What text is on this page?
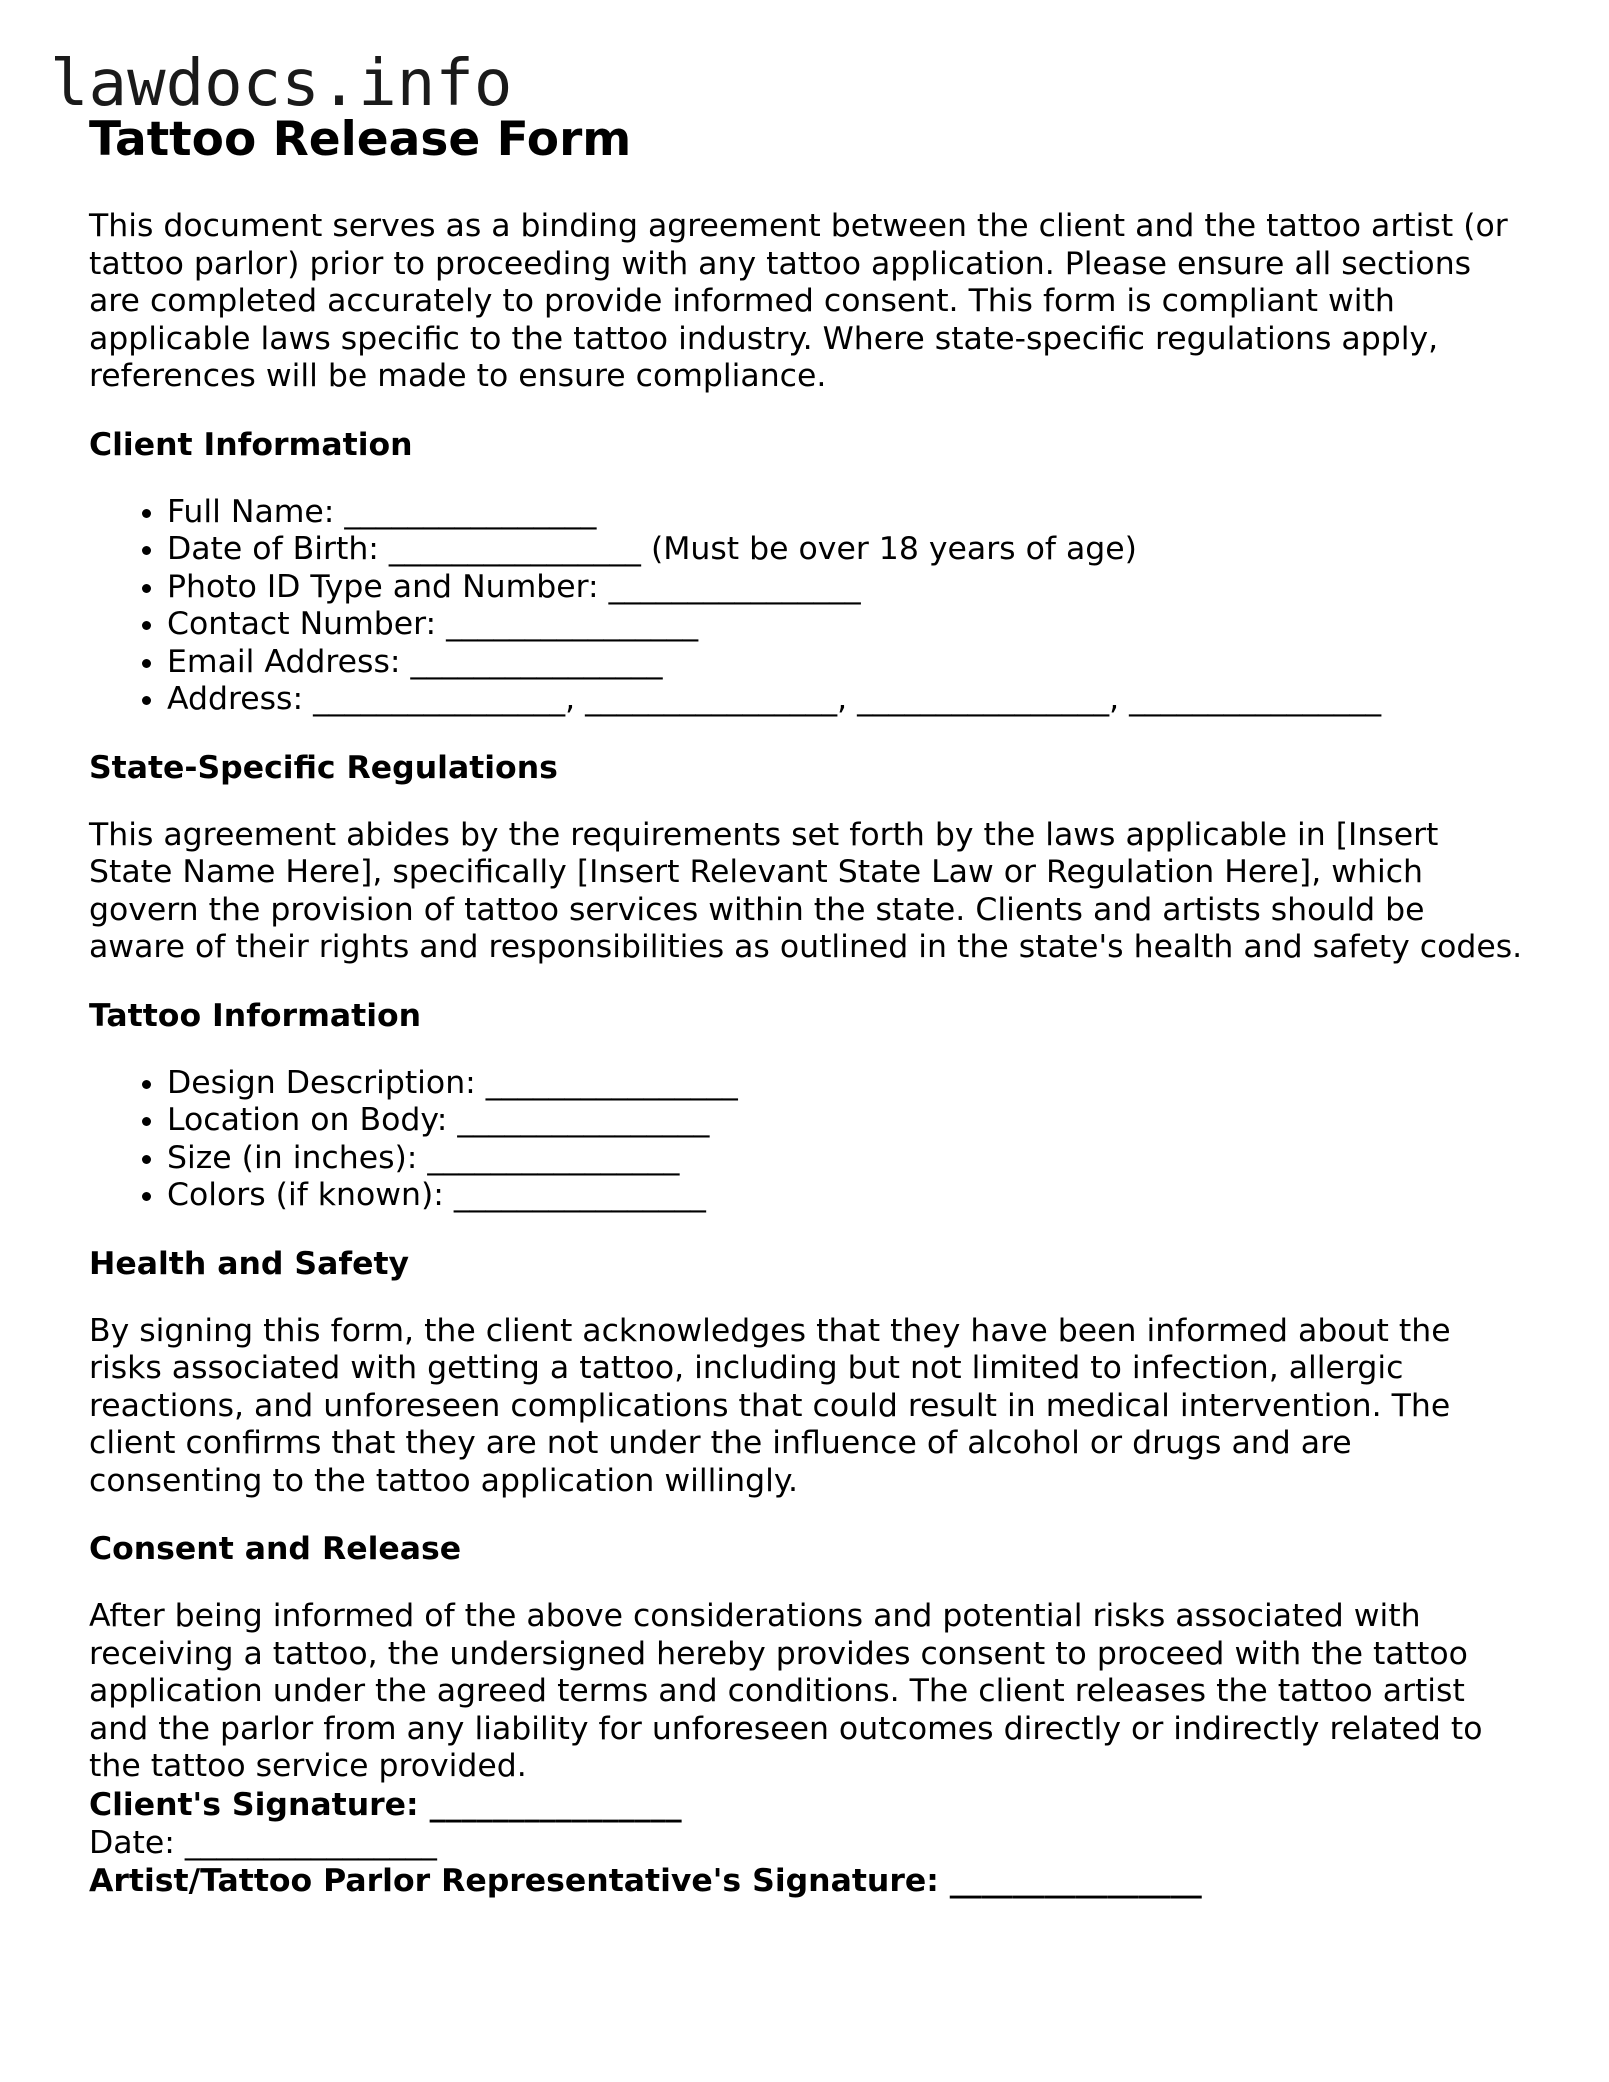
lawdocs.info
Tattoo Release Form

This document serves as a binding agreement between the client and the tattoo artist (or tattoo parlor) prior to proceeding with any tattoo application. Please ensure all sections are completed accurately to provide informed consent. This form is compliant with applicable laws specific to the tattoo industry. Where state-specific regulations apply, references will be made to ensure compliance.

Client Information
• Full Name: ________________
• Date of Birth: ________________ (Must be over 18 years of age)
• Photo ID Type and Number: ________________
• Contact Number: ________________
• Email Address: ________________
• Address: ________________, ________________, ________________, ________________
State-Specific Regulations

This agreement abides by the requirements set forth by the laws applicable in [Insert State Name Here], specifically [Insert Relevant State Law or Regulation Here], which govern the provision of tattoo services within the state. Clients and artists should be aware of their rights and responsibilities as outlined in the state's health and safety codes.

Tattoo Information
• Design Description: ________________
• Location on Body: ________________
• Size (in inches): ________________
• Colors (if known): ________________
Health and Safety

By signing this form, the client acknowledges that they have been informed about the risks associated with getting a tattoo, including but not limited to infection, allergic reactions, and unforeseen complications that could result in medical intervention. The client confirms that they are not under the influence of alcohol or drugs and are consenting to the tattoo application willingly.

Consent and Release

After being informed of the above considerations and potential risks associated with receiving a tattoo, the undersigned hereby provides consent to proceed with the tattoo application under the agreed terms and conditions. The client releases the tattoo artist and the parlor from any liability for unforeseen outcomes directly or indirectly related to the tattoo service provided.

Client's Signature: ________________

Date: ________________

Artist/Tattoo Parlor Representative's Signature: ________________
